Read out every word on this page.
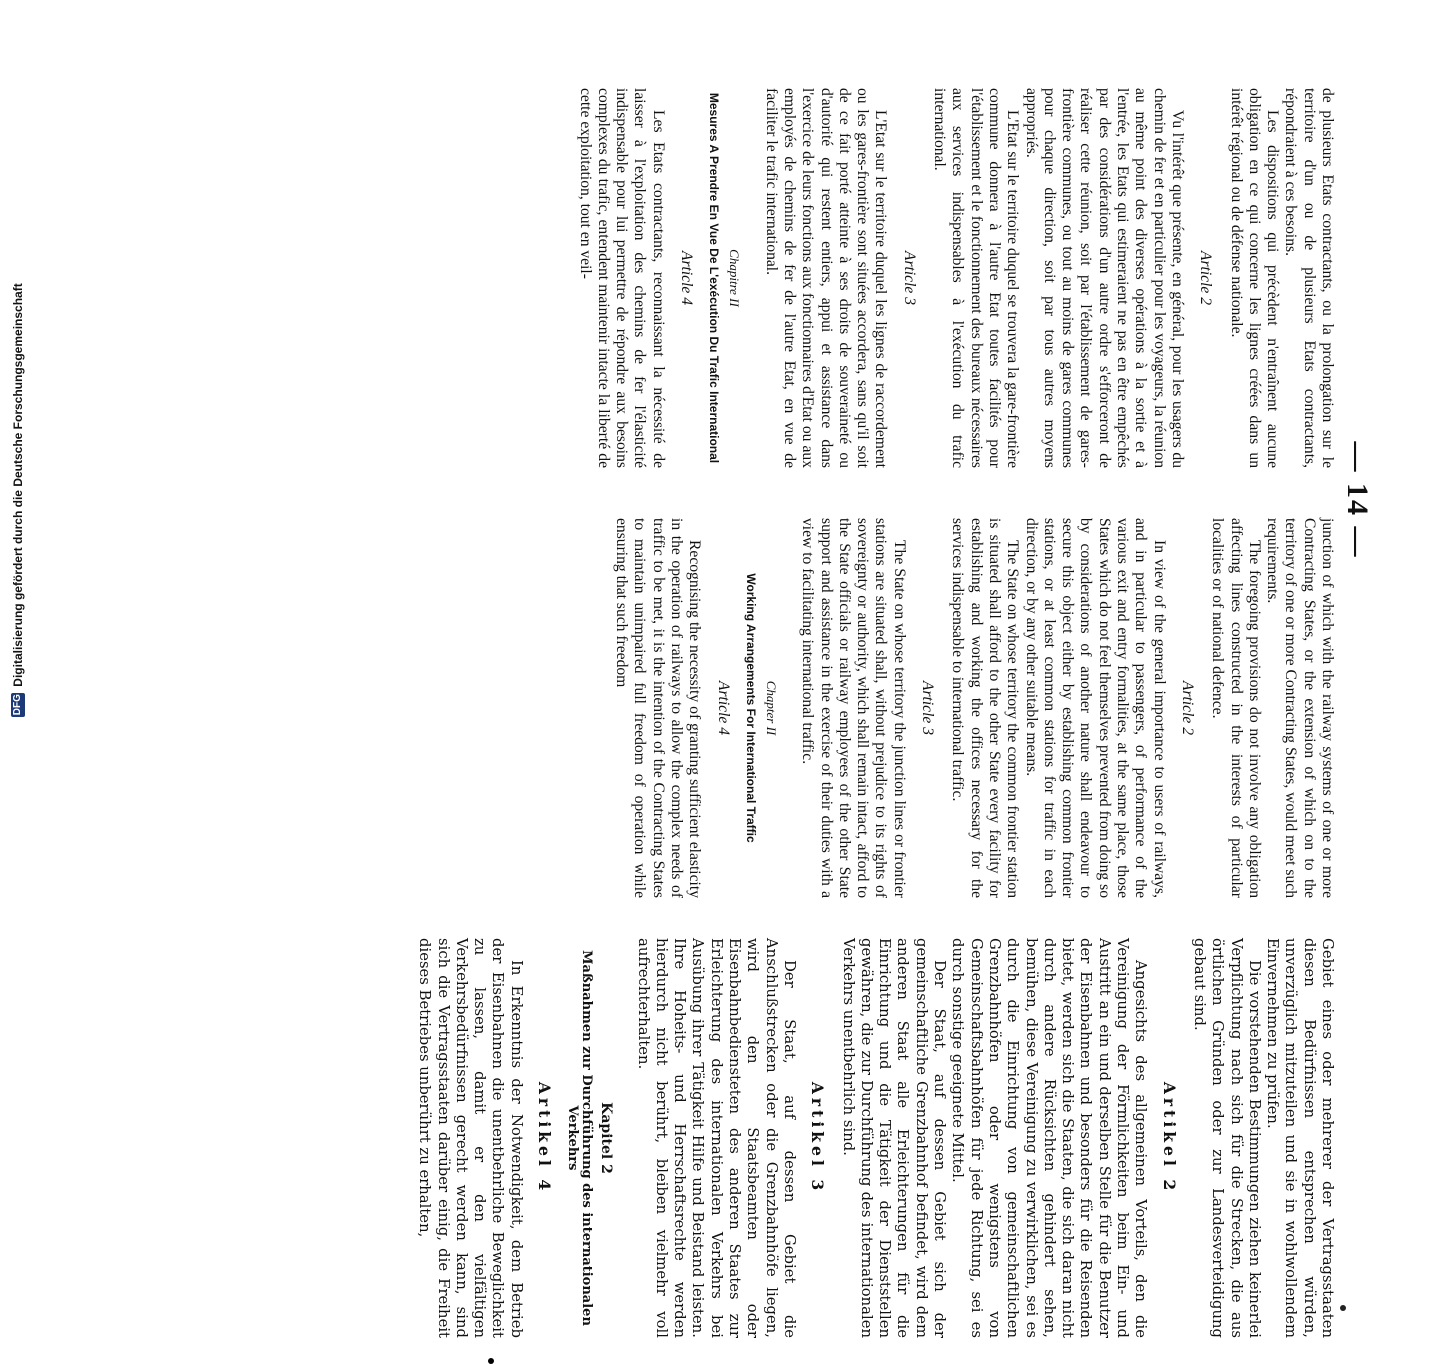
— 14 —

de plusieurs Etats contractants, ou la prolongation sur le territoire d'un ou de plusieurs Etats contractants, répondraient à ces besoins.

Les dispositions qui précèdent n'entraînent aucune obligation en ce qui concerne les lignes créées dans un intérêt régional ou de défense nationale.

Article 2

Vu l'intérêt que présente, en général, pour les usagers du chemin de fer et en particulier pour les voyageurs, la réunion au même point des diverses opérations à la sortie et à l'entrée, les Etats qui estimeraient ne pas en être empêchés par des considérations d'un autre ordre s'efforceront de réaliser cette réunion, soit par l'établissement de gares-frontière communes, ou tout au moins de gares communes pour chaque direction, soit par tous autres moyens appropriés.

L'Etat sur le territoire duquel se trouvera la gare-frontière commune donnera à l'autre Etat toutes facilités pour l'établissement et le fonctionnement des bureaux nécessaires aux services indispensables à l'exécution du trafic international.

Article 3

L'Etat sur le territoire duquel les lignes de raccordement ou les gares-frontière sont situées accordera, sans qu'il soit de ce fait porté atteinte à ses droits de souveraineté ou d'autorité qui restent entiers, appui et assistance dans l'exercice de leurs fonctions aux fonctionnaires d'Etat ou aux employés de chemins de fer de l'autre Etat, en vue de faciliter le trafic international.

Chapitre II
Mesures A Prendre En Vue De L'exécution Du Trafic International
Article 4

Les Etats contractants, reconnaissant la nécessité de laisser à l'exploitation des chemins de fer l'élasticité indispensable pour lui permettre de répondre aux besoins complexes du trafic, entendent maintenir intacte la liberté de cette exploitation, tout en veil-

junction of which with the railway systems of one or more Contracting States, or the extension of which on to the territory of one or more Contracting States, would meet such requirements.

The foregoing provisions do not involve any obligation affecting lines constructed in the interests of particular localities or of national defence.

Article 2

In view of the general importance to users of railways, and in particular to passengers, of performance of the various exit and entry formalities, at the same place, those States which do not feel themselves prevented from doing so by considerations of another nature shall endeavour to secure this object either by establishing common frontier stations, or at least common stations for traffic in each direction, or by any other suitable means.

The State on whose territory the common frontier station is situated shall afford to the other State every facility for establishing and working the offices necessary for the services indispensable to international traffic.

Article 3

The State on whose territory the junction lines or frontier stations are situated shall, without prejudice to its rights of sovereignty or authority, which shall remain intact, afford to the State officials or railway employees of the other State support and assistance in the exercise of their duties with a view to facilitating international traffic.

Chapter II
Working Arrangements For International Traffic
Article 4

Recognising the necessity of granting sufficient elasticity in the operation of railways to allow the complex needs of traffic to be met, it is the intention of the Contracting States to maintain unimpaired full freedom of operation while ensuring that such freedom

Gebiet eines oder mehrerer der Vertragsstaaten diesen Bedürfnissen entsprechen würden, unverzüglich mitzuteilen und sie in wohlwollendem Einvernehmen zu prüfen.

Die vorstehenden Bestimmungen ziehen keinerlei Verpflichtung nach sich für die Strecken, die aus örtlichen Gründen oder zur Landesverteidigung gebaut sind.

Artikel 2

Angesichts des allgemeinen Vorteils, den die Vereinigung der Förmlichkeiten beim Ein- und Austritt an ein und derselben Stelle für die Benutzer der Eisenbahnen und besonders für die Reisenden bietet, werden sich die Staaten, die sich daran nicht durch andere Rücksichten gehindert sehen, bemühen, diese Vereinigung zu verwirklichen, sei es durch die Einrichtung von gemeinschaftlichen Grenzbahnhöfen oder wenigstens von Gemeinschaftsbahnhöfen für jede Richtung, sei es durch sonstige geeignete Mittel.

Der Staat, auf dessen Gebiet sich der gemeinschaftliche Grenzbahnhof befindet, wird dem anderen Staat alle Erleichterungen für die Einrichtung und die Tätigkeit der Dienststellen gewähren, die zur Durchführung des internationalen Verkehrs unentbehrlich sind.

Artikel 3

Der Staat, auf dessen Gebiet die Anschlußstrecken oder die Grenzbahnhöfe liegen, wird den Staatsbeamten oder Eisenbahnbediensteten des anderen Staates zur Erleichterung des internationalen Verkehrs bei Ausübung ihrer Tätigkeit Hilfe und Beistand leisten. Ihre Hoheits- und Herrschaftsrechte werden hierdurch nicht berührt, bleiben vielmehr voll aufrechterhalten.

Kapitel 2
Maßnahmen zur Durchführung des internationalen Verkehrs
Artikel 4

In Erkenntnis der Notwendigkeit, dem Betrieb der Eisenbahnen die unentbehrliche Beweglichkeit zu lassen, damit er den vielfältigen Verkehrsbedürfnissen gerecht werden kann, sind sich die Vertragsstaaten darüber einig, die Freiheit dieses Betriebes unberührt zu erhalten,

DFG
Digitalisierung gefördert durch die Deutsche Forschungsgemeinschaft
